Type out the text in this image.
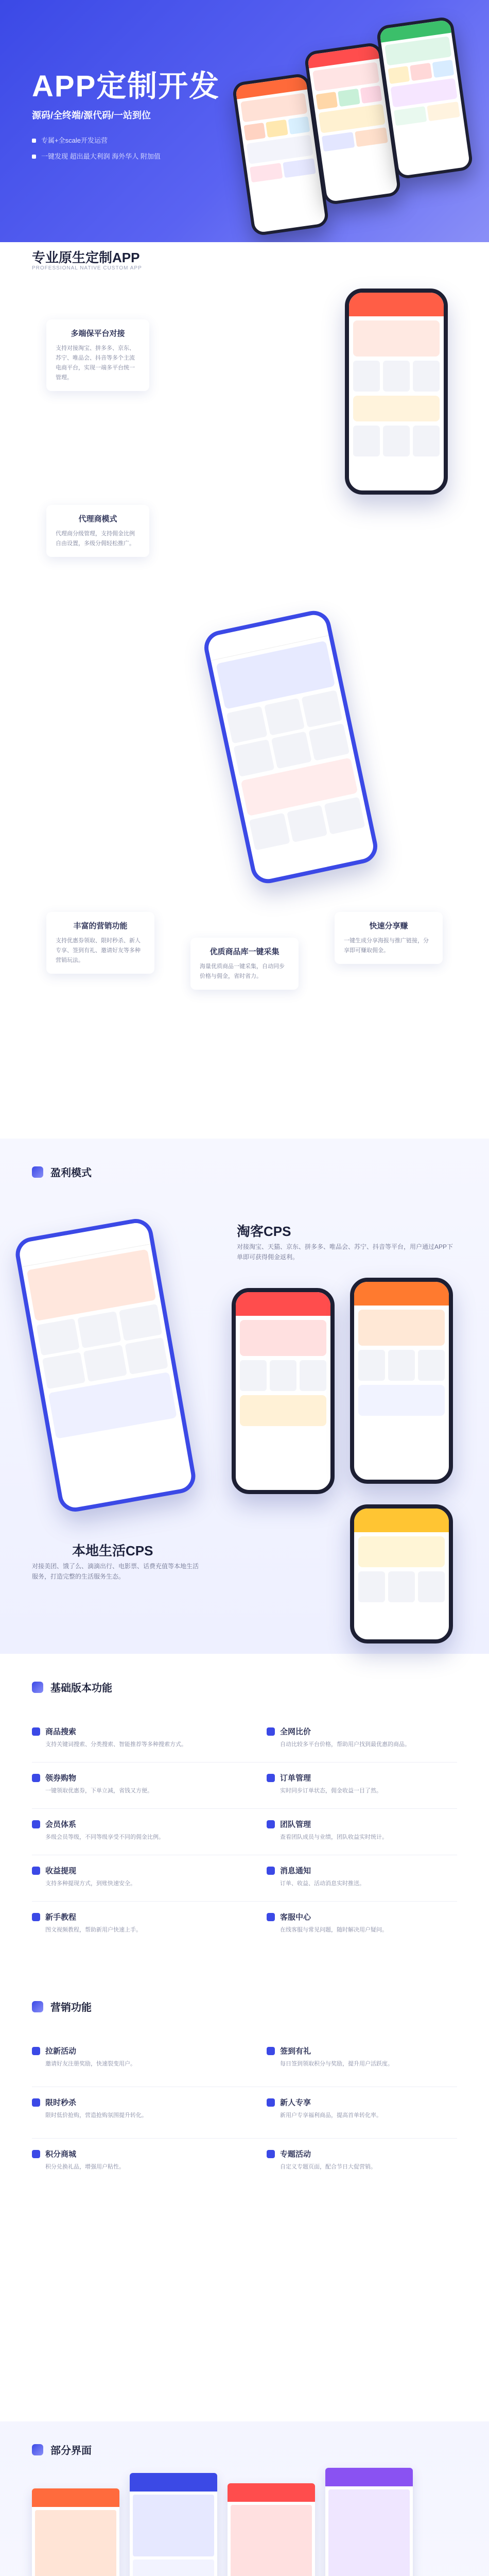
APP定制开发
源码/全终端/源代码/一站到位
专属+全scale开发运营
一键发现 超出最大利润 海外华人 附加值
专业原生定制APP
PROFESSIONAL NATIVE CUSTOM APP
多端保平台对接
支持对接淘宝、拼多多、京东、苏宁、唯品会、抖音等多个主流电商平台，实现一端多平台统一管理。
代理商模式
代理商分级管理，支持佣金比例自由设置，多级分佣轻松推广。
丰富的营销功能
支持优惠券领取、限时秒杀、新人专享、签到有礼、邀请好友等多种营销玩法。
优质商品库一键采集
海量优质商品一键采集，自动同步价格与佣金，省时省力。
快速分享赚
一键生成分享海报与推广链接，分享即可赚取佣金。
盈利模式
淘客CPS
对接淘宝、天猫、京东、拼多多、唯品会、苏宁、抖音等平台，用户通过APP下单即可获得佣金返利。
本地生活CPS
对接美团、饿了么、滴滴出行、电影票、话费充值等本地生活服务，打造完整的生活服务生态。
基础版本功能
商品搜索
支持关键词搜索、分类搜索、智能推荐等多种搜索方式。
全网比价
自动比较多平台价格，帮助用户找到最优惠的商品。
领券购物
一键领取优惠券，下单立减，省钱又方便。
订单管理
实时同步订单状态，佣金收益一目了然。
会员体系
多级会员等级，不同等级享受不同的佣金比例。
团队管理
查看团队成员与业绩，团队收益实时统计。
收益提现
支持多种提现方式，到账快速安全。
消息通知
订单、收益、活动消息实时推送。
新手教程
图文视频教程，帮助新用户快速上手。
客服中心
在线客服与常见问题，随时解决用户疑问。
营销功能
拉新活动
邀请好友注册奖励，快速裂变用户。
签到有礼
每日签到领取积分与奖励，提升用户活跃度。
限时秒杀
限时低价抢购，营造抢购氛围提升转化。
新人专享
新用户专享福利商品，提高首单转化率。
积分商城
积分兑换礼品，增强用户粘性。
专题活动
自定义专题页面，配合节日大促营销。
部分界面
